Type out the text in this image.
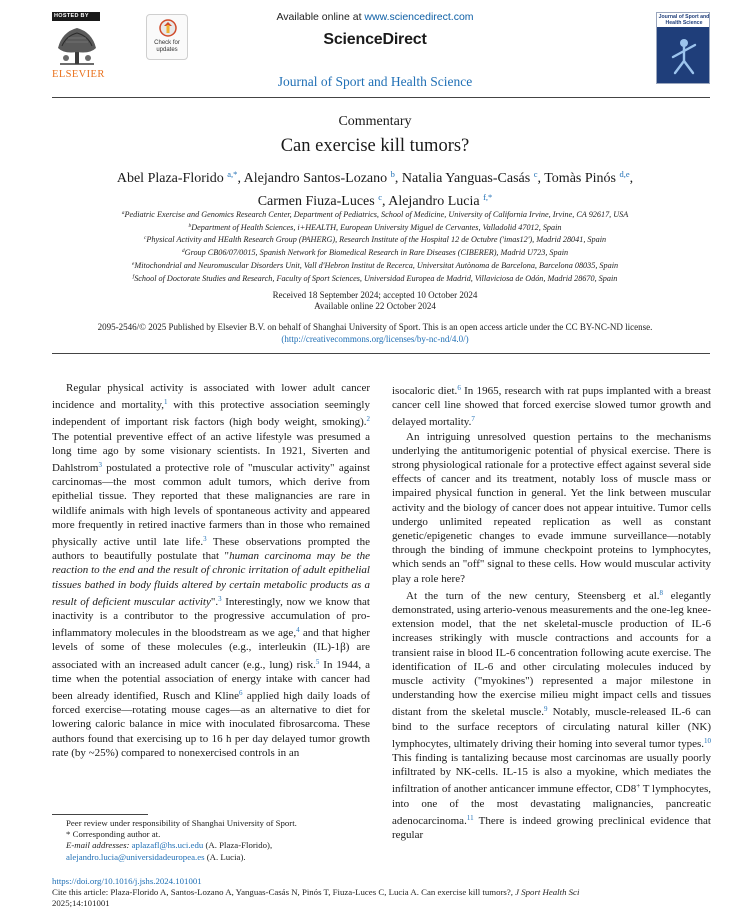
HOSTED BY
ELSEVIER
Check for updates
Available online at www.sciencedirect.com
ScienceDirect
Journal of Sport and Health Science
Journal of Sport and Health Science
Commentary
Can exercise kill tumors?
Abel Plaza-Florido $^{a,*}$, Alejandro Santos-Lozano $^b$, Natalia Yanguas-Casás $^c$, Tomàs Pinós $^{d,e}$,
Carmen Fiuza-Luces $^c$, Alejandro Lucia $^{f,*}$
$^a$Pediatric Exercise and Genomics Research Center, Department of Pediatrics, School of Medicine, University of California Irvine, Irvine, CA 92617, USA
$^b$Department of Health Sciences, i+HEALTH, European University Miguel de Cervantes, Valladolid 47012, Spain
$^c$Physical Activity and HEalth Research Group (PAHERG), Research Institute of the Hospital 12 de Octubre ('imas12'), Madrid 28041, Spain
$^d$Group CB06/07/0015, Spanish Network for Biomedical Research in Rare Diseases (CIBERER), Madrid U723, Spain
$^e$Mitochondrial and Neuromuscular Disorders Unit, Vall d'Hebron Institut de Recerca, Universitat Autònoma de Barcelona, Barcelona 08035, Spain
$^f$School of Doctorate Studies and Research, Faculty of Sport Sciences, Universidad Europea de Madrid, Villaviciosa de Odón, Madrid 28670, Spain
Received 18 September 2024; accepted 10 October 2024
Available online 22 October 2024
2095-2546/© 2025 Published by Elsevier B.V. on behalf of Shanghai University of Sport. This is an open access article under the CC BY-NC-ND license.
(http://creativecommons.org/licenses/by-nc-nd/4.0/)

Regular physical activity is associated with lower adult cancer incidence and mortality,$^1$ with this protective association seemingly independent of important risk factors (high body weight, smoking).$^2$ The potential preventive effect of an active lifestyle was presumed a long time ago by some visionary scientists. In 1921, Siverten and Dahlstrom$^3$ postulated a protective role of "muscular activity" against carcinomas—the most common adult tumors, which derive from epithelial tissue. They reported that these malignancies are rare in wildlife animals with high levels of spontaneous activity and appeared more frequently in retired inactive farmers than in those who remained physically active until late life.$^3$ These observations prompted the authors to beautifully postulate that "human carcinoma may be the reaction to the end and the result of chronic irritation of adult epithelial tissues bathed in body fluids altered by certain metabolic products as a result of deficient muscular activity".$^3$ Interestingly, now we know that inactivity is a contributor to the progressive accumulation of pro-inflammatory molecules in the bloodstream as we age,$^4$ and that higher levels of some of these molecules (e.g., interleukin (IL)-1β) are associated with an increased adult cancer (e.g., lung) risk.$^5$ In 1944, a time when the potential association of energy intake with cancer had been already identified, Rusch and Kline$^6$ applied high daily loads of forced exercise—rotating mouse cages—as an alternative to diet for lowering caloric balance in mice with inoculated fibrosarcoma. These authors found that exercising up to 16 h per day delayed tumor growth rate (by ~25%) compared to nonexercised controls in an

isocaloric diet.$^6$ In 1965, research with rat pups implanted with a breast cancer cell line showed that forced exercise slowed tumor growth and delayed mortality.$^7$

An intriguing unresolved question pertains to the mechanisms underlying the antitumorigenic potential of physical exercise. There is strong physiological rationale for a protective effect against several side effects of cancer and its treatment, notably loss of muscle mass or impaired physical function in general. Yet the link between muscular activity and the biology of cancer does not appear intuitive. Tumor cells undergo unlimited repeated replication as well as constant genetic/epigenetic changes to evade immune surveillance—notably through the binding of immune checkpoint proteins to lymphocytes, which sends an "off" signal to these cells. How would muscular activity play a role here?

At the turn of the new century, Steensberg et al.$^8$ elegantly demonstrated, using arterio-venous measurements and the one-leg knee-extension model, that the net skeletal-muscle production of IL-6 increases strikingly with muscle contractions and accounts for a transient raise in blood IL-6 concentration following acute exercise. The identification of IL-6 and other circulating molecules induced by muscle activity ("myokines") represented a major milestone in understanding how the exercise milieu might impact cells and tissues distant from the skeletal muscle.$^9$ Notably, muscle-released IL-6 can bind to the surface receptors of circulating natural killer (NK) lymphocytes, ultimately driving their homing into several tumor types.$^{10}$ This finding is tantalizing because most carcinomas are usually poorly infiltrated by NK-cells. IL-15 is also a myokine, which mediates the infiltration of another anticancer immune effector, CD8+ T lymphocytes, into one of the most devastating malignancies, pancreatic adenocarcinoma.$^{11}$ There is indeed growing preclinical evidence that regular

Peer review under responsibility of Shanghai University of Sport.
* Corresponding author at.
E-mail addresses: aplazafl@hs.uci.edu (A. Plaza-Florido), alejandro.lucia@universidadeuropea.es (A. Lucia).
https://doi.org/10.1016/j.jshs.2024.101001
Cite this article: Plaza-Florido A, Santos-Lozano A, Yanguas-Casás N, Pinós T, Fiuza-Luces C, Lucia A. Can exercise kill tumors?, J Sport Health Sci
2025;14:101001
